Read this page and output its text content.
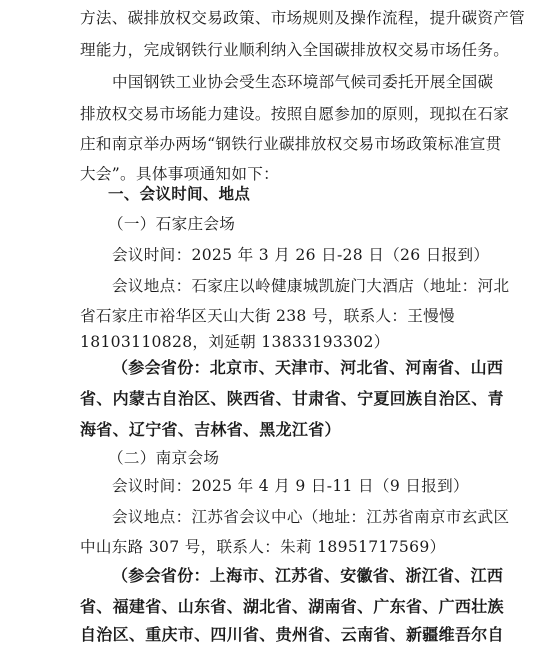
方法、碳排放权交易政策、市场规则及操作流程，提升碳资产管
理能力，完成钢铁行业顺利纳入全国碳排放权交易市场任务。
中国钢铁工业协会受生态环境部气候司委托开展全国碳
排放权交易市场能力建设。按照自愿参加的原则，现拟在石家
庄和南京举办两场“钢铁行业碳排放权交易市场政策标准宣贯
大会”。具体事项通知如下：
一、会议时间、地点
（一）石家庄会场
会议时间：2025 年 3 月 26 日-28 日（26 日报到）
会议地点：石家庄以岭健康城凯旋门大酒店（地址：河北
省石家庄市裕华区天山大街 238 号，联系人：王慢慢
18103110828，刘延朝 13833193302）
（参会省份：北京市、天津市、河北省、河南省、山西
省、内蒙古自治区、陕西省、甘肃省、宁夏回族自治区、青
海省、辽宁省、吉林省、黑龙江省）
（二）南京会场
会议时间：2025 年 4 月 9 日-11 日（9 日报到）
会议地点：江苏省会议中心（地址：江苏省南京市玄武区
中山东路 307 号，联系人：朱莉 18951717569）
（参会省份：上海市、江苏省、安徽省、浙江省、江西
省、福建省、山东省、湖北省、湖南省、广东省、广西壮族
自治区、重庆市、四川省、贵州省、云南省、新疆维吾尔自
